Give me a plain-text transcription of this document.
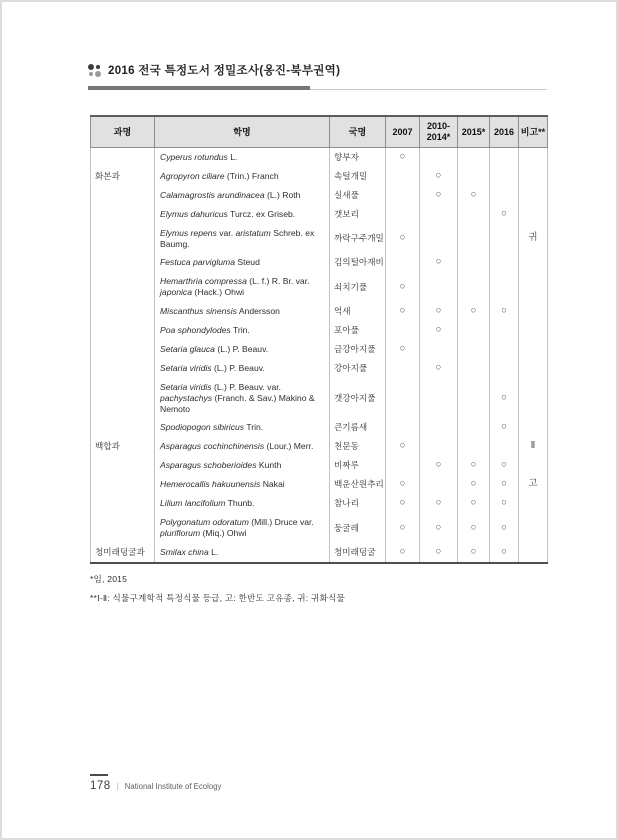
2016 전국 특정도서 정밀조사(옹진-북부권역)
과명	학명	국명	2007	2010-2014*	2015*	2016	비고**
	Cyperus rotundus L.	향부자	○				
화본과	Agropyron ciliare (Trin.) Franch	속털개밀		○			
	Calamagrostis arundinacea (L.) Roth	실새풀		○	○		
	Elymus dahuricus Turcz. ex Griseb.	갯보리				○	
	Elymus repens var. aristatum Schreb. ex Baumg.	까락구주개밀	○				귀
	Festuca parvigluma Steud	김의털아재비		○			
	Hemarthria compressa (L. f.) R. Br. var. japonica (Hack.) Ohwi	쇠치기풀	○				
	Miscanthus sinensis Andersson	억새	○	○	○	○	
	Poa sphondylodes Trin.	포아풀		○			
	Setaria glauca (L.) P. Beauv.	금강아지풀	○				
	Setaria viridis (L.) P. Beauv.	강아지풀		○			
	Setaria viridis (L.) P. Beauv. var. pachystachys (Franch. & Sav.) Makino & Nemoto	갯강아지풀				○	
	Spodiopogon sibiricus Trin.	큰기름새				○	
백합과	Asparagus cochinchinensis (Lour.) Merr.	천문동	○				Ⅱ
	Asparagus schoberioides Kunth	비짜루		○	○	○	
	Hemerocallis hakuunensis Nakai	백운산원추리	○		○	○	고
	Lilium lancifolium Thunb.	참나리	○	○	○	○	
	Polygonatum odoratum (Mill.) Druce var. pluriflorum (Miq.) Ohwi	둥굴레	○	○	○	○	
청미래덩굴과	Smilax china L.	청미래덩굴	○	○	○	○	

*임, 2015

**Ⅰ-Ⅱ: 식물구계학적 특정식물 등급, 고: 한반도 고유종, 귀: 귀화식물

178 | National Institute of Ecology
